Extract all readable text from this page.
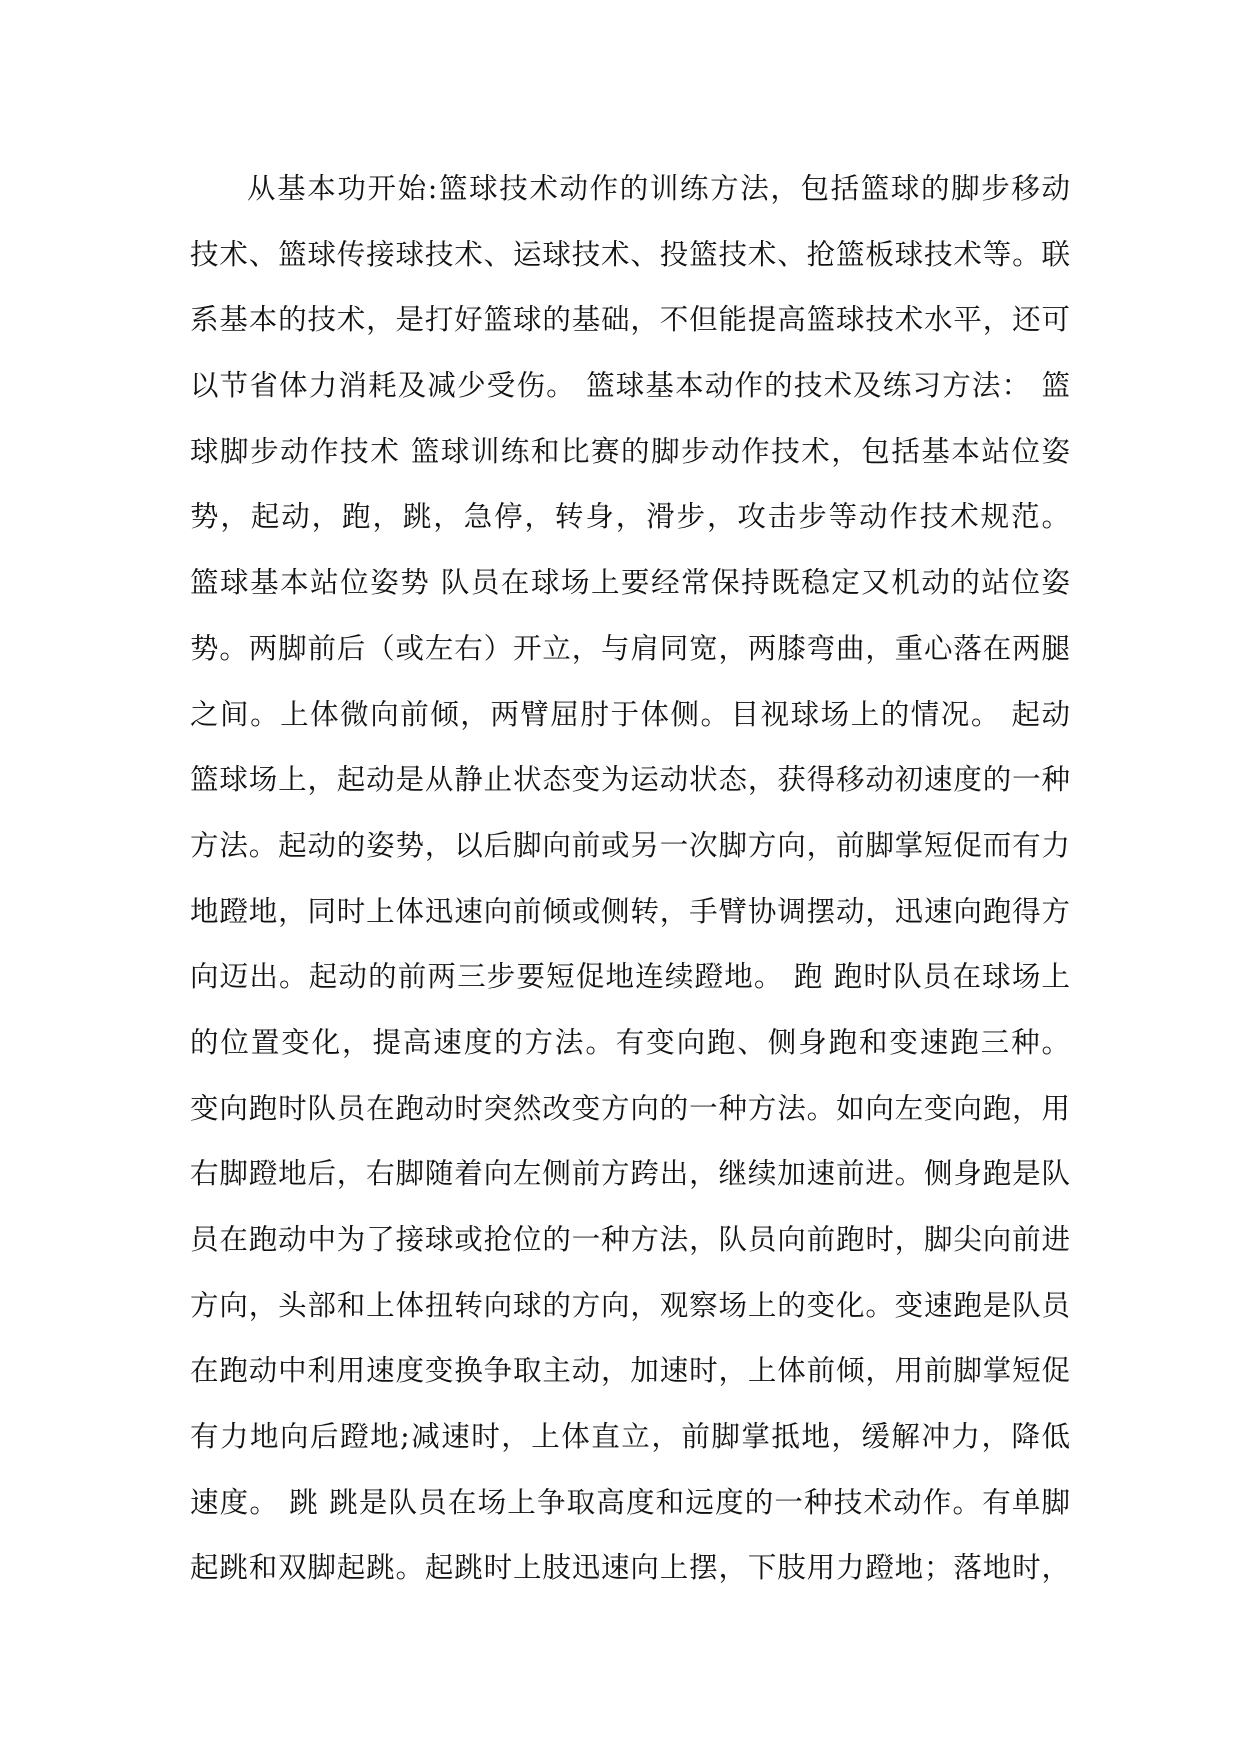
从基本功开始:篮球技术动作的训练方法，包括篮球的脚步移动
技术、篮球传接球技术、运球技术、投篮技术、抢篮板球技术等。联
系基本的技术，是打好篮球的基础，不但能提高篮球技术水平，还可
以节省体力消耗及减少受伤。 篮球基本动作的技术及练习方法： 篮
球脚步动作技术 篮球训练和比赛的脚步动作技术，包括基本站位姿
势，起动，跑，跳，急停，转身，滑步，攻击步等动作技术规范。
篮球基本站位姿势 队员在球场上要经常保持既稳定又机动的站位姿
势。两脚前后（或左右）开立，与肩同宽，两膝弯曲，重心落在两腿
之间。上体微向前倾，两臂屈肘于体侧。目视球场上的情况。 起动
篮球场上，起动是从静止状态变为运动状态，获得移动初速度的一种
方法。起动的姿势，以后脚向前或另一次脚方向，前脚掌短促而有力
地蹬地，同时上体迅速向前倾或侧转，手臂协调摆动，迅速向跑得方
向迈出。起动的前两三步要短促地连续蹬地。 跑 跑时队员在球场上
的位置变化，提高速度的方法。有变向跑、侧身跑和变速跑三种。
变向跑时队员在跑动时突然改变方向的一种方法。如向左变向跑，用
右脚蹬地后，右脚随着向左侧前方跨出，继续加速前进。侧身跑是队
员在跑动中为了接球或抢位的一种方法，队员向前跑时，脚尖向前进
方向，头部和上体扭转向球的方向，观察场上的变化。变速跑是队员
在跑动中利用速度变换争取主动，加速时，上体前倾，用前脚掌短促
有力地向后蹬地;减速时，上体直立，前脚掌抵地，缓解冲力，降低
速度。 跳 跳是队员在场上争取高度和远度的一种技术动作。有单脚
起跳和双脚起跳。起跳时上肢迅速向上摆，下肢用力蹬地；落地时，
